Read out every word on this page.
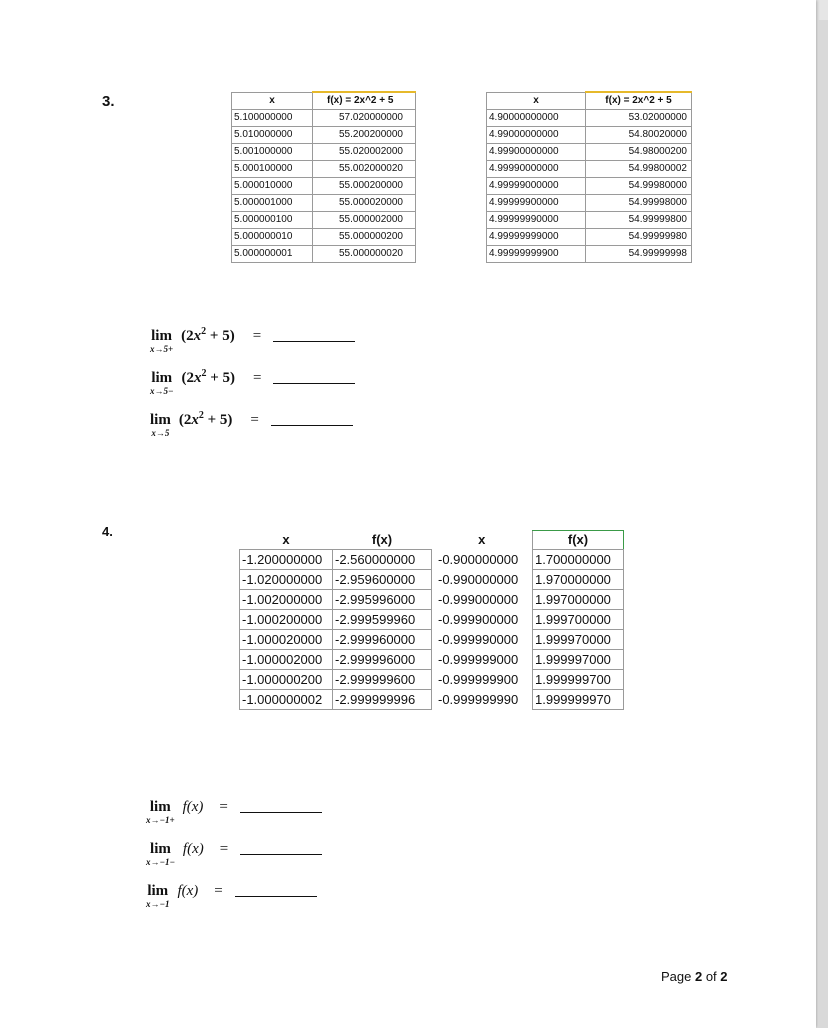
3.	x	f(x) = 2x^2 + 5
5.100000000	57.020000000
5.010000000	55.200200000
5.001000000	55.020002000
5.000100000	55.002000020
5.000010000	55.000200000
5.000001000	55.000020000
5.000000100	55.000002000
5.000000010	55.000000200
5.000000001	55.000000020
x	f(x) = 2x^2 + 5
4.90000000000	53.02000000
4.99000000000	54.80020000
4.99900000000	54.98000200
4.99990000000	54.99800002
4.99999000000	54.99980000
4.99999900000	54.99998000
4.99999990000	54.99999800
4.99999999000	54.99999980
4.99999999900	54.99999998
lim
x→5+
$(2x^2 + 5)$ =
lim
x→5−
$(2x^2 + 5)$ =
lim
x→5
$(2x^2 + 5)$ =
4.
x	f(x)	x	f(x)
-1.200000000	-2.560000000	-0.900000000	1.700000000
-1.020000000	-2.959600000	-0.990000000	1.970000000
-1.002000000	-2.995996000	-0.999000000	1.997000000
-1.000200000	-2.999599960	-0.999900000	1.999700000
-1.000020000	-2.999960000	-0.999990000	1.999970000
-1.000002000	-2.999996000	-0.999999000	1.999997000
-1.000000200	-2.999999600	-0.999999900	1.999999700
-1.000000002	-2.999999996	-0.999999990	1.999999970
lim
x→−1+
f(x) =
lim
x→−1−
f(x) =
lim
x→−1
f(x) =
Page 2 of 2
